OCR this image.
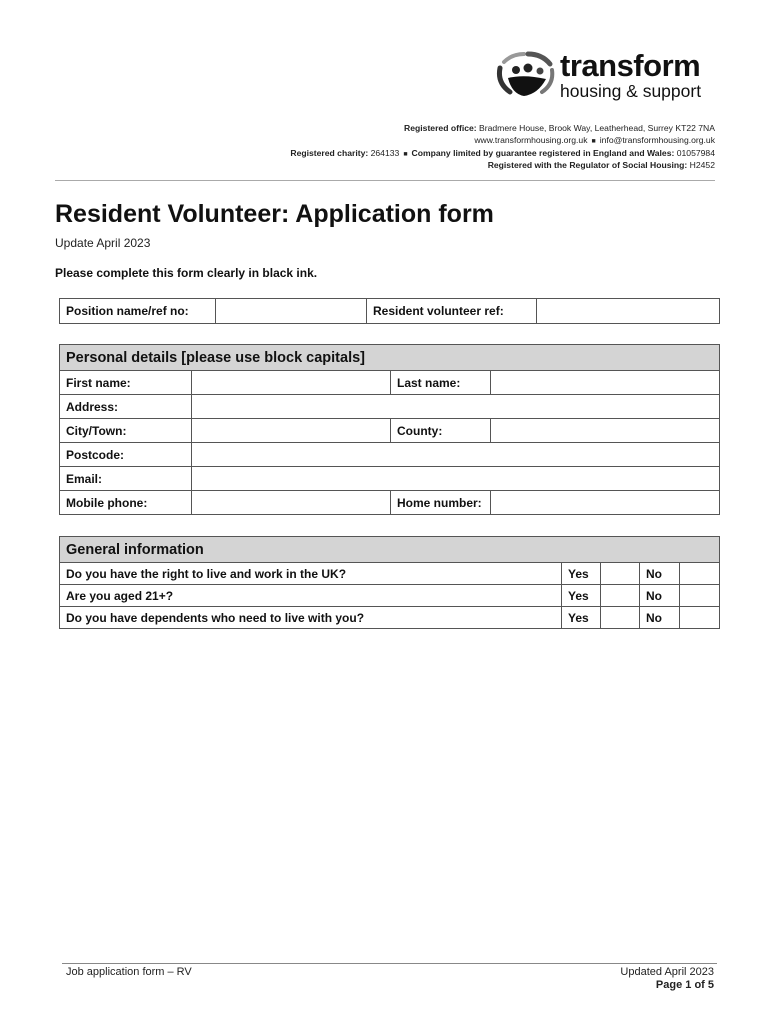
transform
housing & support
Registered office: Bradmere House, Brook Way, Leatherhead, Surrey KT22 7NA
www.transformhousing.org.uk ■ info@transformhousing.org.uk
Registered charity: 264133 ■ Company limited by guarantee registered in England and Wales: 01057984
Registered with the Regulator of Social Housing: H2452
Resident Volunteer: Application form
Update April 2023
Please complete this form clearly in black ink.
Position name/ref no:		Resident volunteer ref:	
Personal details [please use block capitals]			
First name:		Last name:	
Address:			
City/Town:		County:	
Postcode:			
Email:			
Mobile phone:		Home number:	
General information				
Do you have the right to live and work in the UK?	Yes		No	
Are you aged 21+?	Yes		No	
Do you have dependents who need to live with you?	Yes		No	
Job application form – RV	Updated April 2023
Page 1 of 5
